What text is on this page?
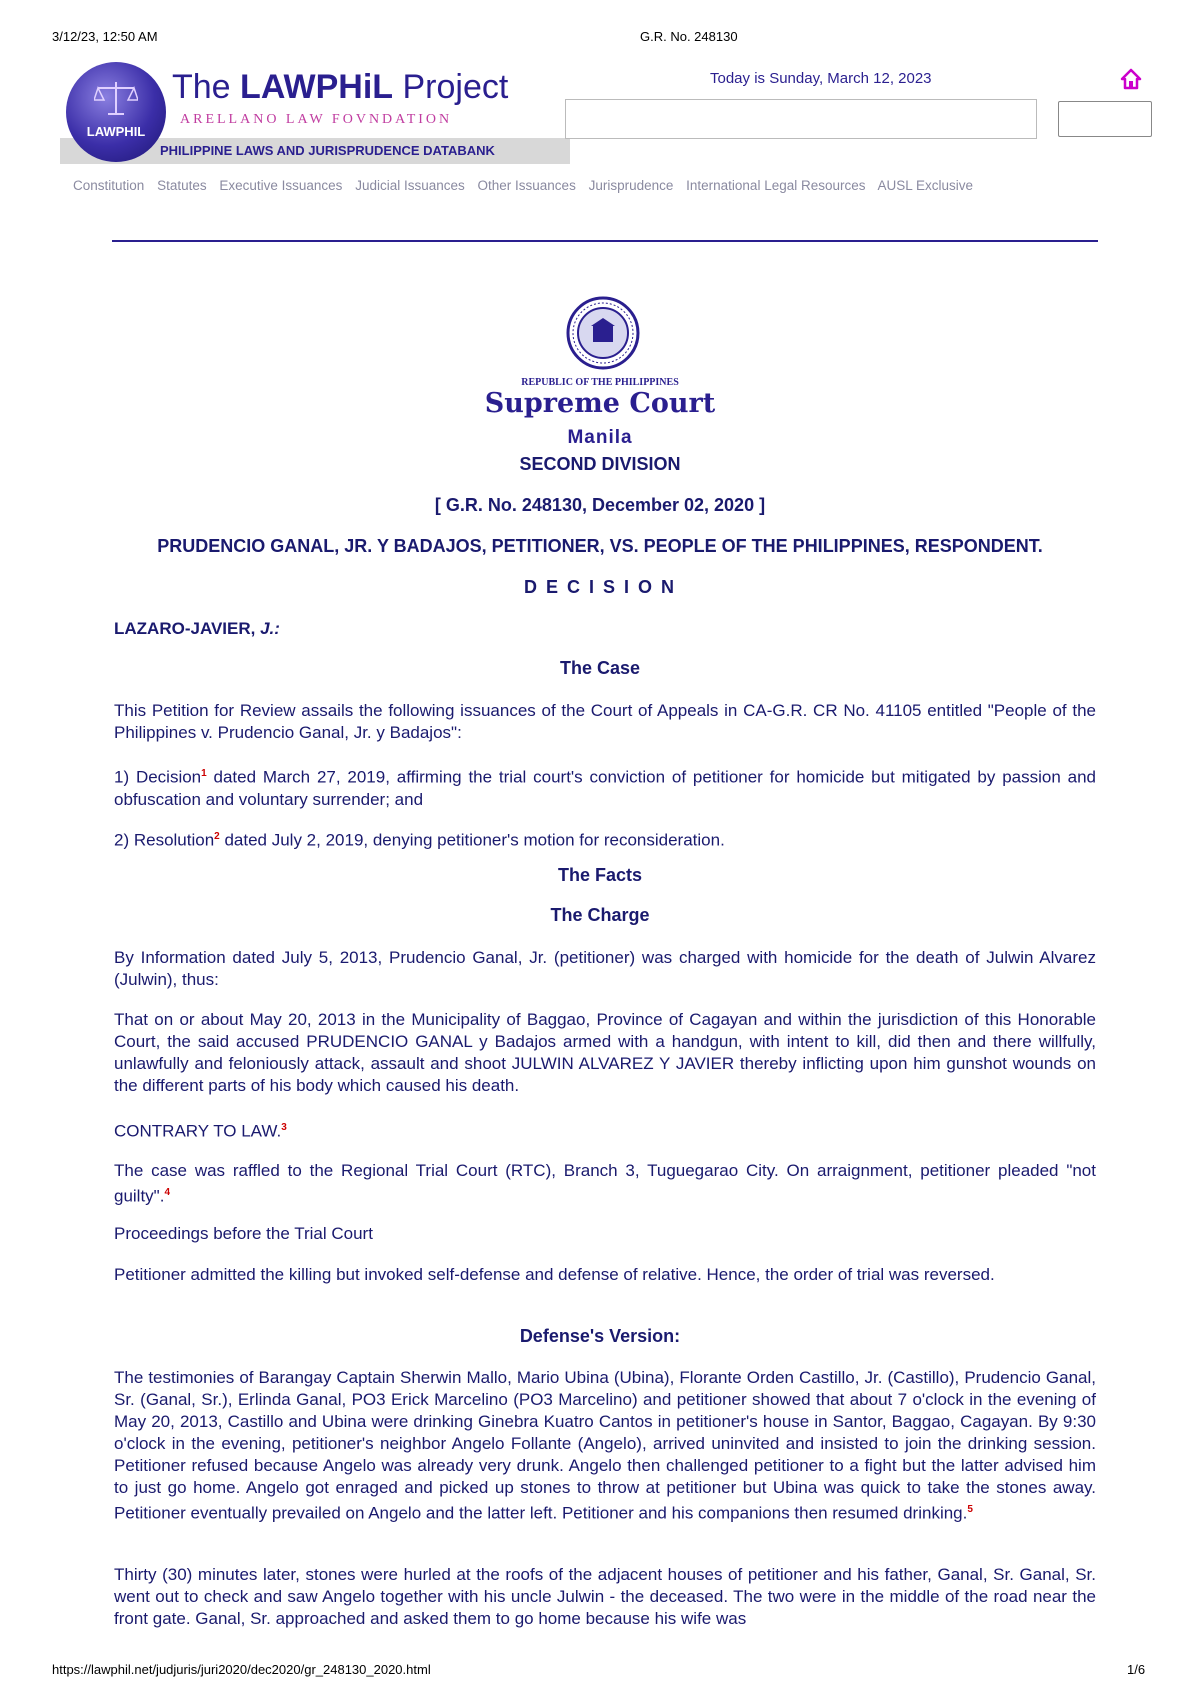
3/12/23, 12:50 AM	G.R. No. 248130
PHILIPPINE LAWS AND JURISPRUDENCE DATABANK
LAWPHIL
The LAWPHiL Project
ARELLANO LAW FOVNDATION
Today is Sunday, March 12, 2023
Constitution Statutes Executive Issuances Judicial Issuances Other Issuances Jurisprudence International Legal Resources AUSL Exclusive
REPUBLIC OF THE PHILIPPINES
Supreme Court
Manila
SECOND DIVISION
[ G.R. No. 248130, December 02, 2020 ]
PRUDENCIO GANAL, JR. Y BADAJOS, PETITIONER, VS. PEOPLE OF THE PHILIPPINES, RESPONDENT.
D E C I S I O N
LAZARO-JAVIER, J.:
The Case
This Petition for Review assails the following issuances of the Court of Appeals in CA-G.R. CR No. 41105 entitled "People of the Philippines v. Prudencio Ganal, Jr. y Badajos":
1) Decision$^1$ dated March 27, 2019, affirming the trial court's conviction of petitioner for homicide but mitigated by passion and obfuscation and voluntary surrender; and
2) Resolution$^2$ dated July 2, 2019, denying petitioner's motion for reconsideration.
The Facts
The Charge
By Information dated July 5, 2013, Prudencio Ganal, Jr. (petitioner) was charged with homicide for the death of Julwin Alvarez (Julwin), thus:
That on or about May 20, 2013 in the Municipality of Baggao, Province of Cagayan and within the jurisdiction of this Honorable Court, the said accused PRUDENCIO GANAL y Badajos armed with a handgun, with intent to kill, did then and there willfully, unlawfully and feloniously attack, assault and shoot JULWIN ALVAREZ Y JAVIER thereby inflicting upon him gunshot wounds on the different parts of his body which caused his death.
CONTRARY TO LAW.$^3$
The case was raffled to the Regional Trial Court (RTC), Branch 3, Tuguegarao City. On arraignment, petitioner pleaded "not guilty".$^4$
Proceedings before the Trial Court
Petitioner admitted the killing but invoked self-defense and defense of relative. Hence, the order of trial was reversed.
Defense's Version:
The testimonies of Barangay Captain Sherwin Mallo, Mario Ubina (Ubina), Florante Orden Castillo, Jr. (Castillo), Prudencio Ganal, Sr. (Ganal, Sr.), Erlinda Ganal, PO3 Erick Marcelino (PO3 Marcelino) and petitioner showed that about 7 o'clock in the evening of May 20, 2013, Castillo and Ubina were drinking Ginebra Kuatro Cantos in petitioner's house in Santor, Baggao, Cagayan. By 9:30 o'clock in the evening, petitioner's neighbor Angelo Follante (Angelo), arrived uninvited and insisted to join the drinking session. Petitioner refused because Angelo was already very drunk. Angelo then challenged petitioner to a fight but the latter advised him to just go home. Angelo got enraged and picked up stones to throw at petitioner but Ubina was quick to take the stones away. Petitioner eventually prevailed on Angelo and the latter left. Petitioner and his companions then resumed drinking.$^5$
Thirty (30) minutes later, stones were hurled at the roofs of the adjacent houses of petitioner and his father, Ganal, Sr. Ganal, Sr. went out to check and saw Angelo together with his uncle Julwin - the deceased. The two were in the middle of the road near the front gate. Ganal, Sr. approached and asked them to go home because his wife was
https://lawphil.net/judjuris/juri2020/dec2020/gr_248130_2020.html	1/6
